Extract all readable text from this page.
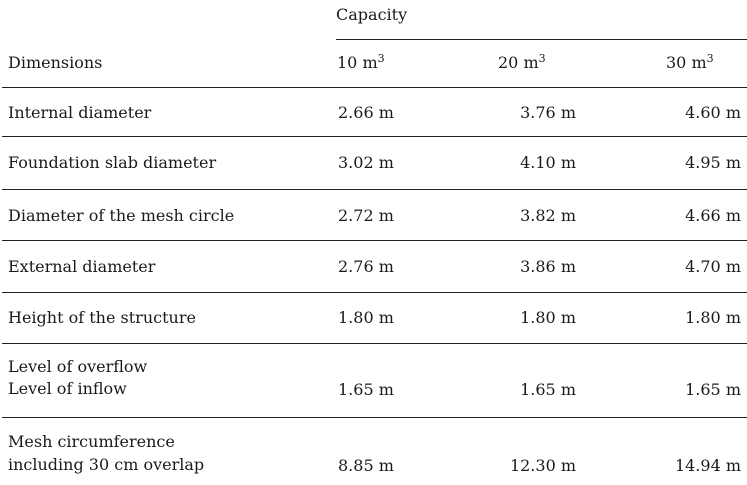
Capacity
Dimensions	10 $m^3$	20 $m^3$	30 $m^3$
Internal diameter	2.66 m	3.76 m	4.60 m
Foundation slab diameter	3.02 m	4.10 m	4.95 m
Diameter of the mesh circle	2.72 m	3.82 m	4.66 m
External diameter	2.76 m	3.86 m	4.70 m
Height of the structure	1.80 m	1.80 m	1.80 m
Level of overflow
Level of inflow	1.65 m	1.65 m	1.65 m
Mesh circumference
including 30 cm overlap	8.85 m	12.30 m	14.94 m
